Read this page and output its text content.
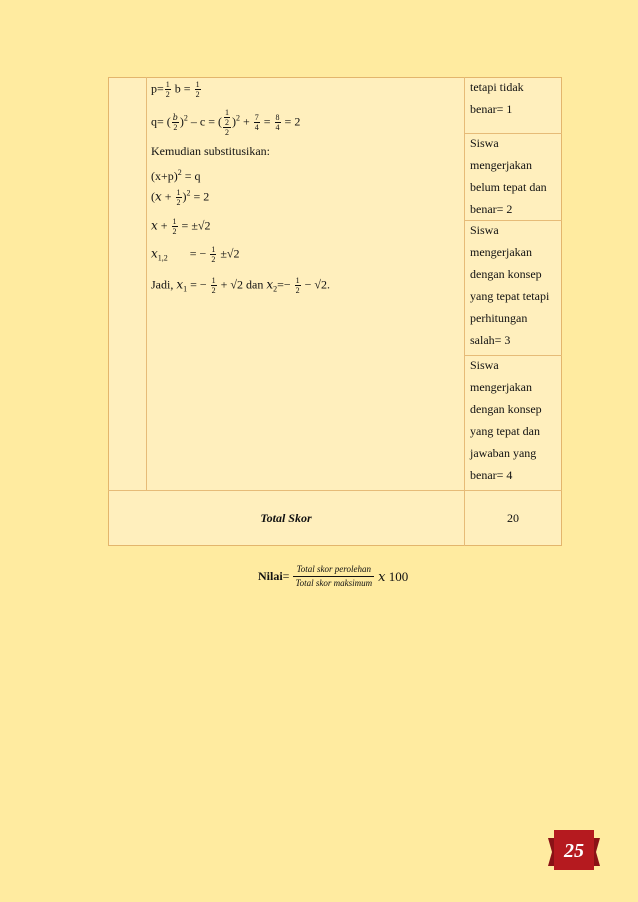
$p= \frac{1}{2}$ $b = \frac{1}{2}$
q= ( $\frac{b}{2} )^2$ – c = ( 1
2
2 )$^2 + \frac{7}{4} = \frac{8}{4} = 2$
Kemudian substitusikan:
$(x+p)^2 = q$
(𝑥 + $\frac{1}{2} )^2 = 2$
𝑥 + $\frac{1}{2} = \pm√2$
𝑥$_{1,2}$ = − $\frac{1}{2} \pm√2$
Jadi, 𝑥$_1$ = − $\frac{1}{2} + √2$ dan 𝑥$_2$=− $\frac{1}{2} - √2$.
tetapi tidak
benar= 1
Siswa
mengerjakan
belum tepat dan
benar= 2
Siswa
mengerjakan
dengan konsep
yang tepat tetapi
perhitungan
salah= 3
Siswa
mengerjakan
dengan konsep
yang tepat dan
jawaban yang
benar= 4
Total Skor	20
Nilai = Total skor perolehan
Total skor maksimum 𝑥 100
25
